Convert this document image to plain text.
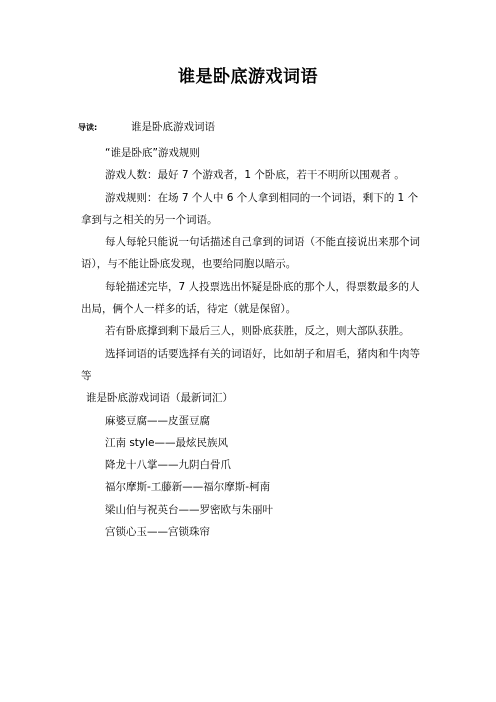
谁是卧底游戏词语
导读:	谁是卧底游戏词语

“谁是卧底”游戏规则

游戏人数：最好 7 个游戏者，1 个卧底，若干不明所以围观者 。

游戏规则：在场 7 个人中 6 个人拿到相同的一个词语，剩下的 1 个拿到与之相关的另一个词语。

每人每轮只能说一句话描述自己拿到的词语（不能直接说出来那个词语），与不能让卧底发现，也要给同胞以暗示。

每轮描述完毕，7 人投票选出怀疑是卧底的那个人，得票数最多的人出局，俩个人一样多的话，待定（就是保留）。

若有卧底撑到剩下最后三人，则卧底获胜，反之，则大部队获胜。

选择词语的话要选择有关的词语好，比如胡子和眉毛，猪肉和牛肉等等

谁是卧底游戏词语（最新词汇）

麻婆豆腐——皮蛋豆腐

江南 style——最炫民族风

降龙十八掌——九阴白骨爪

福尔摩斯-工藤新——福尔摩斯-柯南

梁山伯与祝英台——罗密欧与朱丽叶

宫锁心玉——宫锁珠帘
